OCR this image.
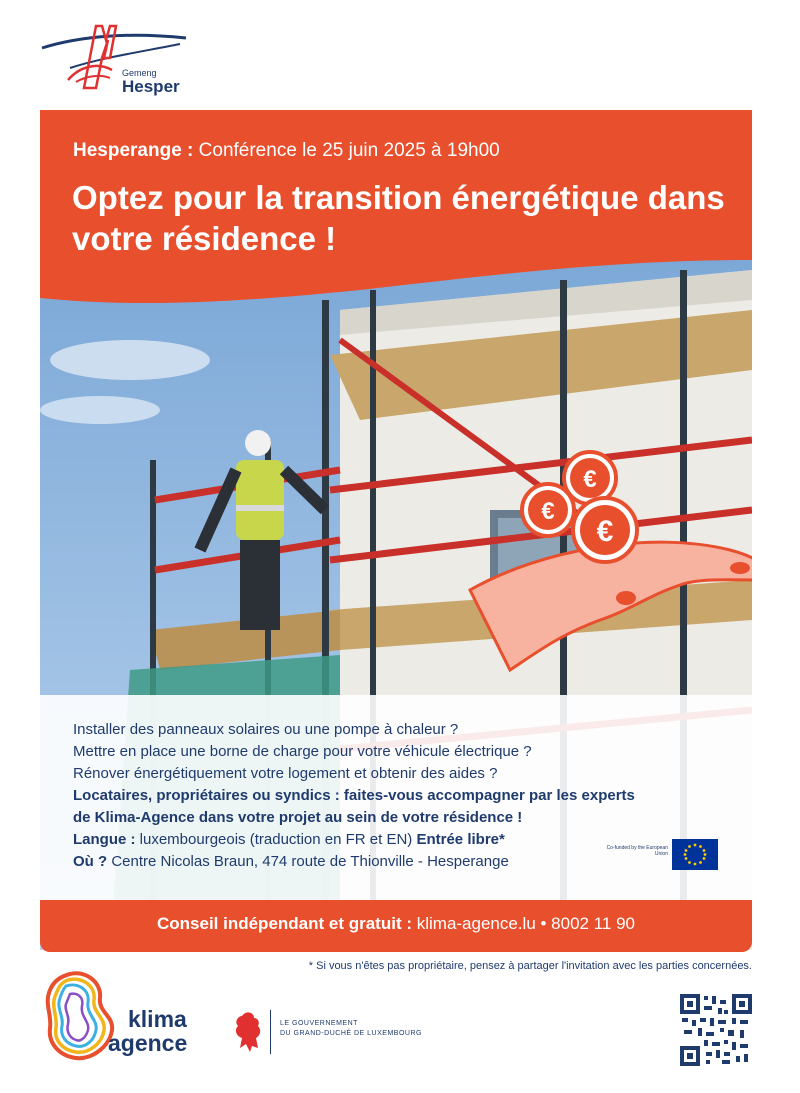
Gemeng
Hesper
€
€
€
Hesperange : Conférence le 25 juin 2025 à 19h00
Optez pour la transition énergétique dans votre résidence !
Installer des panneaux solaires ou une pompe à chaleur ?
Mettre en place une borne de charge pour votre véhicule électrique ?
Rénover énergétiquement votre logement et obtenir des aides ?
Locataires, propriétaires ou syndics : faites-vous accompagner par les experts
de Klima-Agence dans votre projet au sein de votre résidence !
Langue : luxembourgeois (traduction en FR et EN) Entrée libre*
Où ? Centre Nicolas Braun, 474 route de Thionville - Hesperange
Co-funded by the European Union
Conseil indépendant et gratuit : klima-agence.lu • 8002 11 90
* Si vous n'êtes pas propriétaire, pensez à partager l'invitation avec les parties concernées.
klima
agence
LE GOUVERNEMENT
DU GRAND-DUCHÉ DE LUXEMBOURG
